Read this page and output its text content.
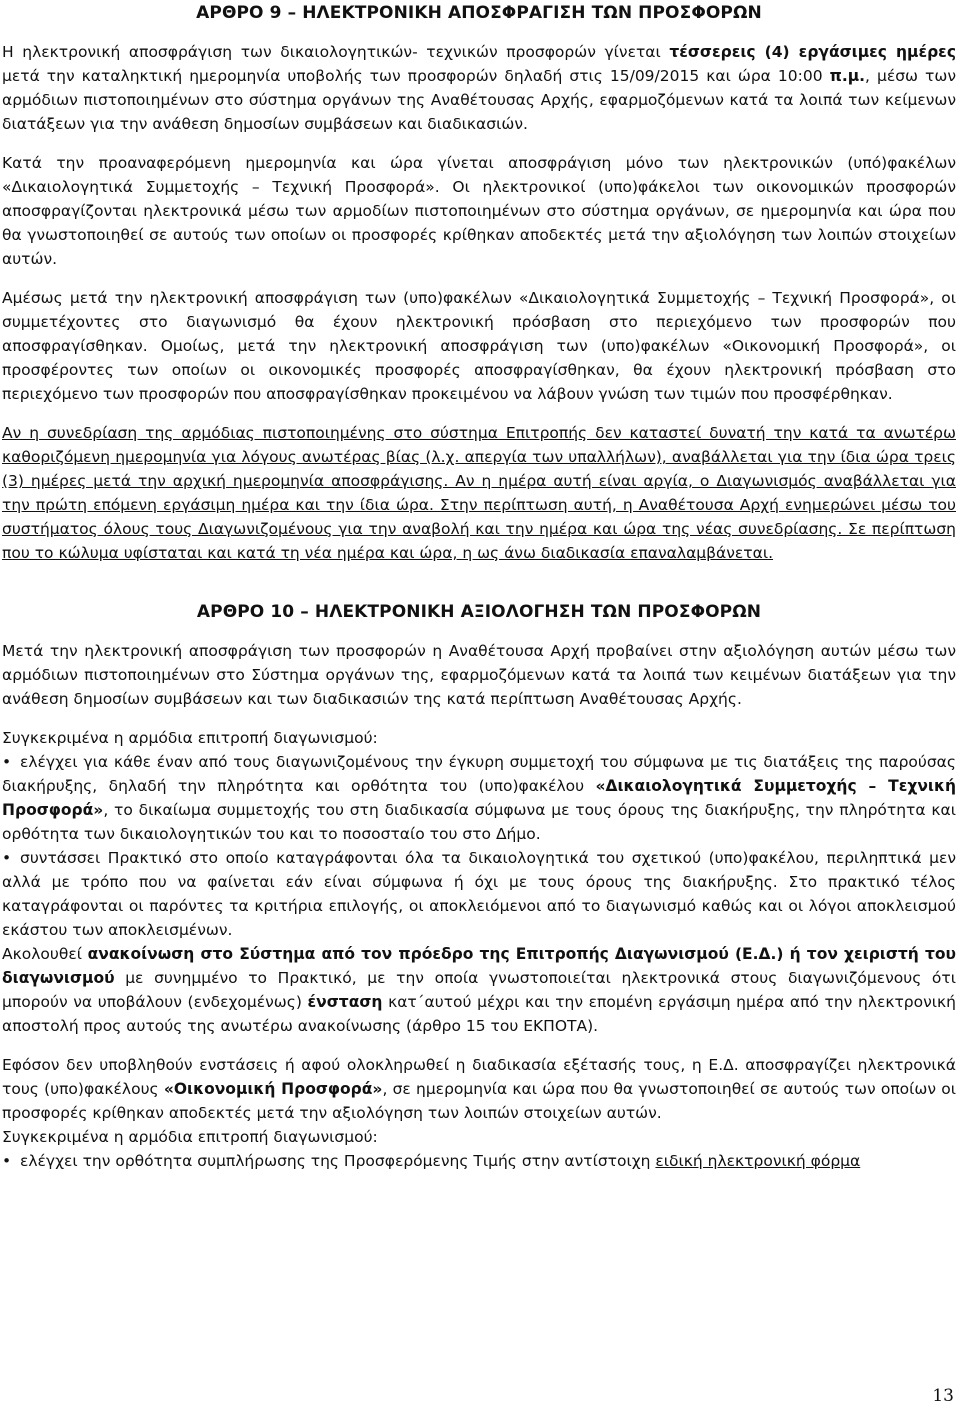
ΑΡΘΡΟ 9 – ΗΛΕΚΤΡΟΝΙΚΗ ΑΠΟΣΦΡΑΓΙΣΗ ΤΩΝ ΠΡΟΣΦΟΡΩΝ

Η ηλεκτρονική αποσφράγιση των δικαιολογητικών- τεχνικών προσφορών γίνεται τέσσερεις (4) εργάσιμες ημέρες μετά την καταληκτική ημερομηνία υποβολής των προσφορών δηλαδή στις 15/09/2015 και ώρα 10:00 π.μ., μέσω των αρμόδιων πιστοποιημένων στο σύστημα οργάνων της Αναθέτουσας Αρχής, εφαρμοζόμενων κατά τα λοιπά των κείμενων διατάξεων για την ανάθεση δημοσίων συμβάσεων και διαδικασιών.

Κατά την προαναφερόμενη ημερομηνία και ώρα γίνεται αποσφράγιση μόνο των ηλεκτρονικών (υπό)φακέλων «Δικαιολογητικά Συμμετοχής – Τεχνική Προσφορά». Οι ηλεκτρονικοί (υπο)φάκελοι των οικονομικών προσφορών αποσφραγίζονται ηλεκτρονικά μέσω των αρμοδίων πιστοποιημένων στο σύστημα οργάνων, σε ημερομηνία και ώρα που θα γνωστοποιηθεί σε αυτούς των οποίων οι προσφορές κρίθηκαν αποδεκτές μετά την αξιολόγηση των λοιπών στοιχείων αυτών.

Αμέσως μετά την ηλεκτρονική αποσφράγιση των (υπο)φακέλων «Δικαιολογητικά Συμμετοχής – Τεχνική Προσφορά», οι συμμετέχοντες στο διαγωνισμό θα έχουν ηλεκτρονική πρόσβαση στο περιεχόμενο των προσφορών που αποσφραγίσθηκαν. Ομοίως, μετά την ηλεκτρονική αποσφράγιση των (υπο)φακέλων «Οικονομική Προσφορά», οι προσφέροντες των οποίων οι οικονομικές προσφορές αποσφραγίσθηκαν, θα έχουν ηλεκτρονική πρόσβαση στο περιεχόμενο των προσφορών που αποσφραγίσθηκαν προκειμένου να λάβουν γνώση των τιμών που προσφέρθηκαν.

Αν η συνεδρίαση της αρμόδιας πιστοποιημένης στο σύστημα Επιτροπής δεν καταστεί δυνατή την κατά τα ανωτέρω καθοριζόμενη ημερομηνία για λόγους ανωτέρας βίας (λ.χ. απεργία των υπαλλήλων), αναβάλλεται για την ίδια ώρα τρεις (3) ημέρες μετά την αρχική ημερομηνία αποσφράγισης. Αν η ημέρα αυτή είναι αργία, ο Διαγωνισμός αναβάλλεται για την πρώτη επόμενη εργάσιμη ημέρα και την ίδια ώρα. Στην περίπτωση αυτή, η Αναθέτουσα Αρχή ενημερώνει μέσω του συστήματος όλους τους Διαγωνιζομένους για την αναβολή και την ημέρα και ώρα της νέας συνεδρίασης. Σε περίπτωση που το κώλυμα υφίσταται και κατά τη νέα ημέρα και ώρα, η ως άνω διαδικασία επαναλαμβάνεται.

ΑΡΘΡΟ 10 – ΗΛΕΚΤΡΟΝΙΚΗ ΑΞΙΟΛΟΓΗΣΗ ΤΩΝ ΠΡΟΣΦΟΡΩΝ

Μετά την ηλεκτρονική αποσφράγιση των προσφορών η Αναθέτουσα Αρχή προβαίνει στην αξιολόγηση αυτών μέσω των αρμόδιων πιστοποιημένων στο Σύστημα οργάνων της, εφαρμοζόμενων κατά τα λοιπά των κειμένων διατάξεων για την ανάθεση δημοσίων συμβάσεων και των διαδικασιών της κατά περίπτωση Αναθέτουσας Αρχής.

Συγκεκριμένα η αρμόδια επιτροπή διαγωνισμού:

• ελέγχει για κάθε έναν από τους διαγωνιζομένους την έγκυρη συμμετοχή του σύμφωνα με τις διατάξεις της παρούσας διακήρυξης, δηλαδή την πληρότητα και ορθότητα του (υπο)φακέλου «Δικαιολογητικά Συμμετοχής – Τεχνική Προσφορά», το δικαίωμα συμμετοχής του στη διαδικασία σύμφωνα με τους όρους της διακήρυξης, την πληρότητα και ορθότητα των δικαιολογητικών του και το ποσοσταίο του στο Δήμο.

• συντάσσει Πρακτικό στο οποίο καταγράφονται όλα τα δικαιολογητικά του σχετικού (υπο)φακέλου, περιληπτικά μεν αλλά με τρόπο που να φαίνεται εάν είναι σύμφωνα ή όχι με τους όρους της διακήρυξης. Στο πρακτικό τέλος καταγράφονται οι παρόντες τα κριτήρια επιλογής, οι αποκλειόμενοι από το διαγωνισμό καθώς και οι λόγοι αποκλεισμού εκάστου των αποκλεισμένων.

Ακολουθεί ανακοίνωση στο Σύστημα από τον πρόεδρο της Επιτροπής Διαγωνισμού (Ε.Δ.) ή τον χειριστή του διαγωνισμού με συνημμένο το Πρακτικό, με την οποία γνωστοποιείται ηλεκτρονικά στους διαγωνιζόμενους ότι μπορούν να υποβάλουν (ενδεχομένως) ένσταση κατ΄αυτού μέχρι και την επομένη εργάσιμη ημέρα από την ηλεκτρονική αποστολή προς αυτούς της ανωτέρω ανακοίνωσης (άρθρο 15 του ΕΚΠΟΤΑ).

Εφόσον δεν υποβληθούν ενστάσεις ή αφού ολοκληρωθεί η διαδικασία εξέτασής τους, η Ε.Δ. αποσφραγίζει ηλεκτρονικά τους (υπο)φακέλους «Οικονομική Προσφορά», σε ημερομηνία και ώρα που θα γνωστοποιηθεί σε αυτούς των οποίων οι προσφορές κρίθηκαν αποδεκτές μετά την αξιολόγηση των λοιπών στοιχείων αυτών.

Συγκεκριμένα η αρμόδια επιτροπή διαγωνισμού:

• ελέγχει την ορθότητα συμπλήρωσης της Προσφερόμενης Τιμής στην αντίστοιχη ειδική ηλεκτρονική φόρμα

13
